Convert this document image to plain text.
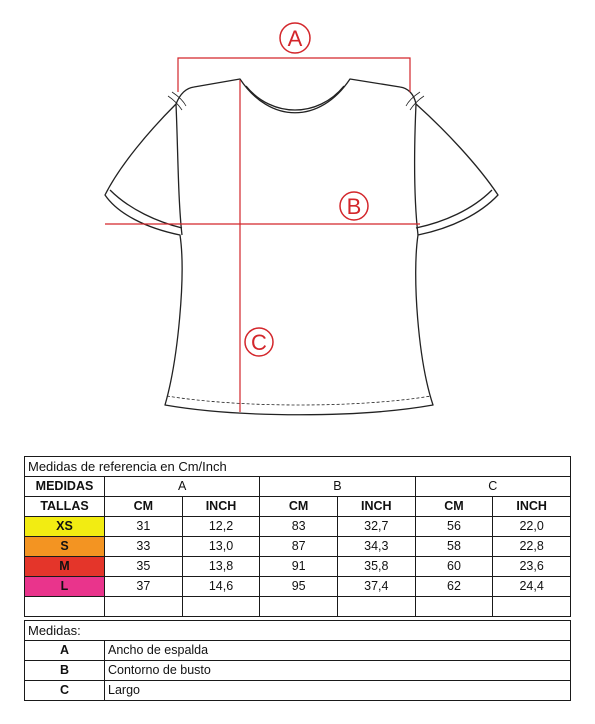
A
B
C
Medidas de referencia en Cm/Inch						
MEDIDAS	A		B		C	
TALLAS	CM	INCH	CM	INCH	CM	INCH
XS	31	12,2	83	32,7	56	22,0
S	33	13,0	87	34,3	58	22,8
M	35	13,8	91	35,8	60	23,6
L	37	14,6	95	37,4	62	24,4

Medidas:	
A	Ancho de espalda
B	Contorno de busto
C	Largo
